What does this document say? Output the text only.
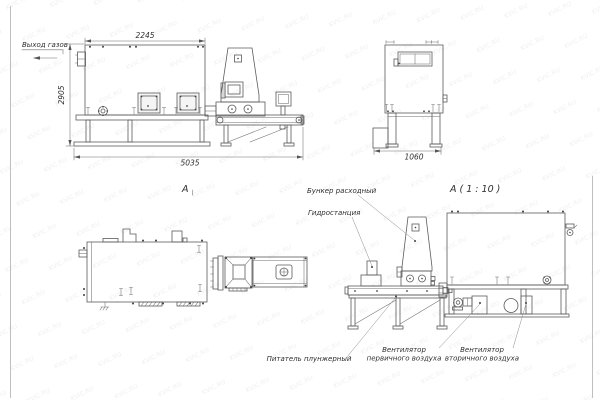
2245
2905
5035
Выход газов
1060
A	Бункер расходный
Гидростанция
Питатель плунжерный
A ( 1 : 10 )
Вентилятор
первичного воздуха
Вентилятор
вторичного воздуха
